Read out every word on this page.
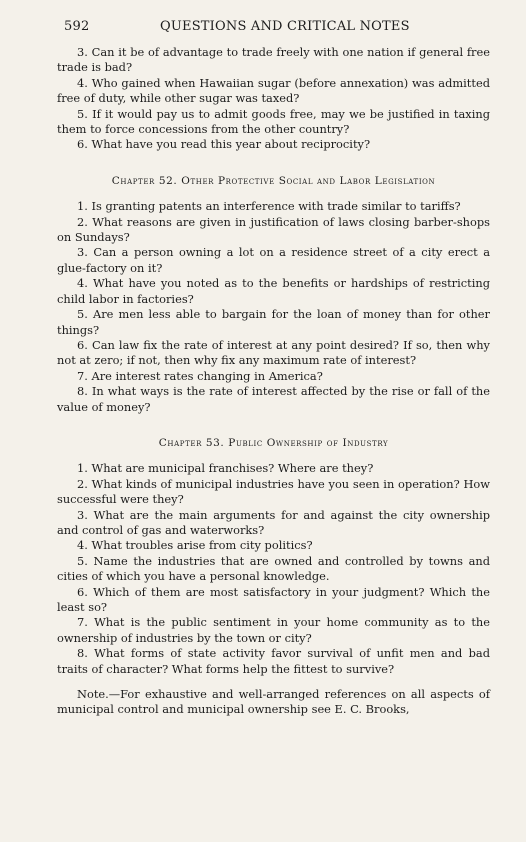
592	QUESTIONS AND CRITICAL NOTES

3. Can it be of advantage to trade freely with one nation if general free trade is bad?

4. Who gained when Hawaiian sugar (before annexation) was admitted free of duty, while other sugar was taxed?

5. If it would pay us to admit goods free, may we be justified in taxing them to force concessions from the other country?

6. What have you read this year about reciprocity?

Chapter 52. Other Protective Social and Labor Legislation

1. Is granting patents an interference with trade similar to tariffs?

2. What reasons are given in justification of laws closing barber-shops on Sundays?

3. Can a person owning a lot on a residence street of a city erect a glue-factory on it?

4. What have you noted as to the benefits or hardships of restricting child labor in factories?

5. Are men less able to bargain for the loan of money than for other things?

6. Can law fix the rate of interest at any point desired? If so, then why not at zero; if not, then why fix any maximum rate of interest?

7. Are interest rates changing in America?

8. In what ways is the rate of interest affected by the rise or fall of the value of money?

Chapter 53. Public Ownership of Industry

1. What are municipal franchises? Where are they?

2. What kinds of municipal industries have you seen in operation? How successful were they?

3. What are the main arguments for and against the city ownership and control of gas and waterworks?

4. What troubles arise from city politics?

5. Name the industries that are owned and controlled by towns and cities of which you have a personal knowledge.

6. Which of them are most satisfactory in your judgment? Which the least so?

7. What is the public sentiment in your home community as to the ownership of industries by the town or city?

8. What forms of state activity favor survival of unfit men and bad traits of character? What forms help the fittest to survive?

Note.—For exhaustive and well-arranged references on all aspects of municipal control and municipal ownership see E. C. Brooks,
